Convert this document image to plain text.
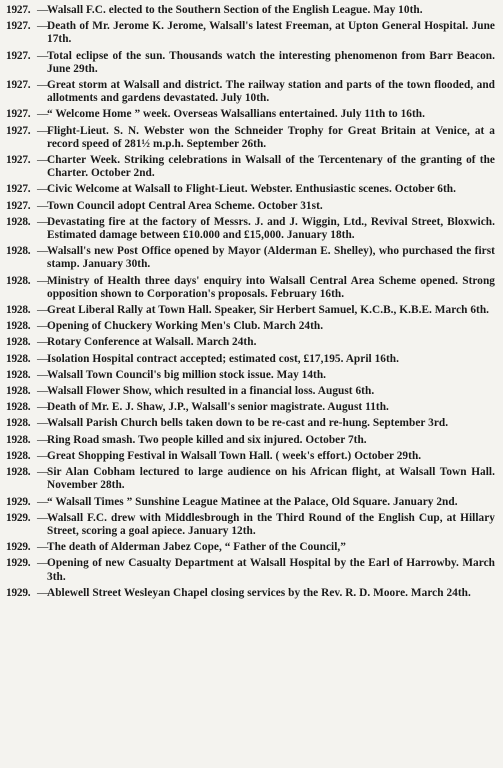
1927. —
Walsall F.C. elected to the Southern Section of the English League. May 10th.
1927. —
Death of Mr. Jerome K. Jerome, Walsall's latest Freeman, at Upton General Hospital. June 17th.
1927. —
Total eclipse of the sun. Thousands watch the interesting phenomenon from Barr Beacon. June 29th.
1927. —
Great storm at Walsall and district. The railway station and parts of the town flooded, and allotments and gardens devastated. July 10th.
1927. —
“ Welcome Home ” week. Overseas Walsallians entertained. July 11th to 16th.
1927. —
Flight-Lieut. S. N. Webster won the Schneider Trophy for Great Britain at Venice, at a record speed of 281½ m.p.h. September 26th.
1927. —
Charter Week. Striking celebrations in Walsall of the Tercentenary of the granting of the Charter. October 2nd.
1927. —
Civic Welcome at Walsall to Flight-Lieut. Webster. Enthusiastic scenes. October 6th.
1927. —
Town Council adopt Central Area Scheme. October 31st.
1928. —
Devastating fire at the factory of Messrs. J. and J. Wiggin, Ltd., Revival Street, Bloxwich. Estimated damage between £10.000 and £15,000. January 18th.
1928. —
Walsall's new Post Office opened by Mayor (Alderman E. Shelley), who purchased the first stamp. January 30th.
1928. —
Ministry of Health three days' enquiry into Walsall Central Area Scheme opened. Strong opposition shown to Corporation's proposals. February 16th.
1928. —
Great Liberal Rally at Town Hall. Speaker, Sir Herbert Samuel, K.C.B., K.B.E. March 6th.
1928. —
Opening of Chuckery Working Men's Club. March 24th.
1928. —
Rotary Conference at Walsall. March 24th.
1928. —
Isolation Hospital contract accepted; estimated cost, £17,195. April 16th.
1928. —
Walsall Town Council's big million stock issue. May 14th.
1928. —
Walsall Flower Show, which resulted in a financial loss. August 6th.
1928. —
Death of Mr. E. J. Shaw, J.P., Walsall's senior magistrate. August 11th.
1928. —
Walsall Parish Church bells taken down to be re-cast and re-hung. September 3rd.
1928. —
Ring Road smash. Two people killed and six injured. October 7th.
1928. —
Great Shopping Festival in Walsall Town Hall. ( week's effort.) October 29th.
1928. —
Sir Alan Cobham lectured to large audience on his African flight, at Walsall Town Hall. November 28th.
1929. —
“ Walsall Times ” Sunshine League Matinee at the Palace, Old Square. January 2nd.
1929. —
Walsall F.C. drew with Middlesbrough in the Third Round of the English Cup, at Hillary Street, scoring a goal apiece. January 12th.
1929. —
The death of Alderman Jabez Cope, “ Father of the Council,”
1929. —
Opening of new Casualty Department at Walsall Hospital by the Earl of Harrowby. March 3th.
1929. —
Ablewell Street Wesleyan Chapel closing services by the Rev. R. D. Moore. March 24th.
